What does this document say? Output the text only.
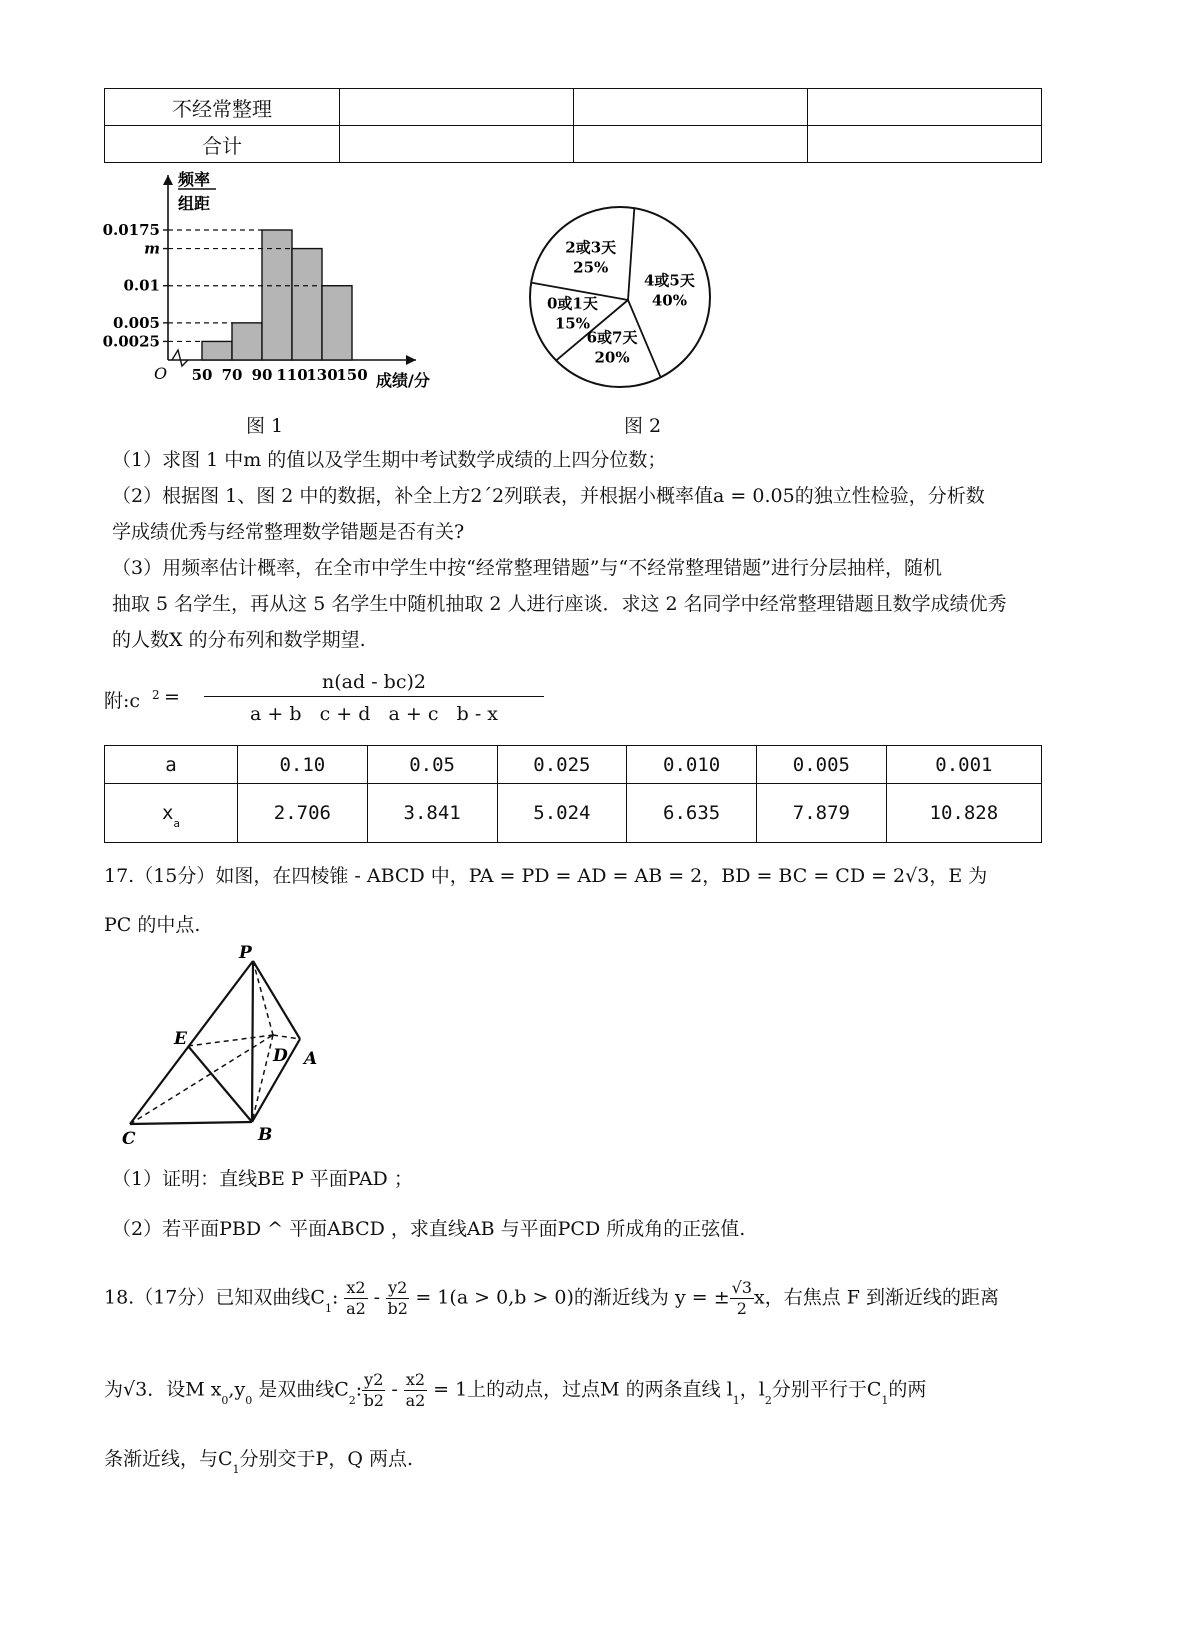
不经常整理			
合计			
0.0175
m
0.01
0.005
0.0025
50 70 90 110
130
150
频率
组距
O	成绩/分
图 1
4或5天
40%
6或7天
20%
0或1天
15%
2或3天
25%
图 2
（1）求图 1 中m 的值以及学生期中考试数学成绩的上四分位数；
（2）根据图 1、图 2 中的数据，补全上方2´2列联表，并根据小概率值a = 0.05的独立性检验，分析数
学成绩优秀与经常整理数学错题是否有关?
（3）用频率估计概率，在全市中学生中按“经常整理错题”与“不经常整理错题”进行分层抽样，随机
抽取 5 名学生，再从这 5 名学生中随机抽取 2 人进行座谈．求这 2 名同学中经常整理错题且数学成绩优秀
的人数X 的分布列和数学期望.
附:c 2 =
n(ad - bc)2
a + b   c + d   a + c   b - x
a	0.10	0.05	0.025	0.010	0.005	0.001
$x_a$	2.706	3.841	5.024	6.635	7.879	10.828
17.（15分）如图，在四棱锥 - ABCD 中，PA = PD = AD = AB = 2，BD = BC = CD = 2√3，E 为
PC 的中点.
P
E
D A
B
C
（1）证明：直线BE P 平面PAD ；
（2）若平面PBD ^ 平面ABCD ，求直线AB 与平面PCD 所成角的正弦值.
18.（17分）已知双曲线$C_1$: $\frac{x2}{a2} - \frac{y2}{b2} = 1(a > 0,b > 0)$的渐近线为 y = ± $\frac{√3}{2}$ x，右焦点 F 到渐近线的距离
为√3．设M $x_0,y_0$ 是双曲线$C_2$: $\frac{y2}{b2} - \frac{x2}{a2} = 1$上的动点，过点M 的两条直线 $l_1$，$l_2$分别平行于$C_1$的两
条渐近线，与$C_1$分别交于P，Q 两点.
